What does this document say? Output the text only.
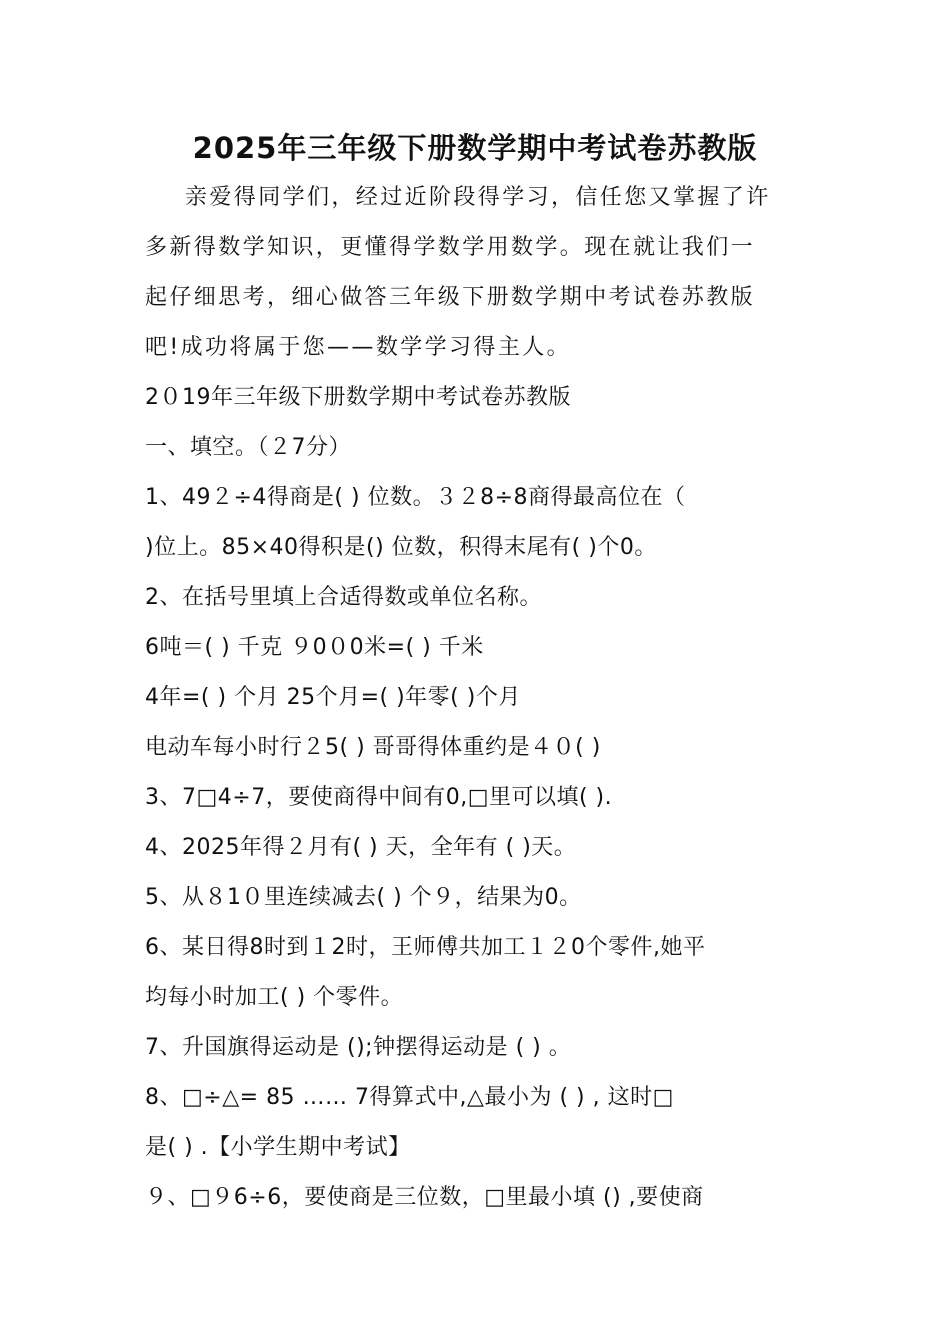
2025年三年级下册数学期中考试卷苏教版
亲爱得同学们，经过近阶段得学习，信任您又掌握了许
多新得数学知识，更懂得学数学用数学。现在就让我们一
起仔细思考，细心做答三年级下册数学期中考试卷苏教版
吧!成功将属于您——数学学习得主人。
2０19年三年级下册数学期中考试卷苏教版
一、填空。（２7分）
1、49２÷4得商是( ) 位数。３２8÷8商得最高位在（
)位上。85×40得积是() 位数，积得末尾有( )个0。
2、在括号里填上合适得数或单位名称。
6吨＝( ) 千克 ９0０0米=( ) 千米
4年=( ) 个月 25个月=( )年零( )个月
电动车每小时行２5( ) 哥哥得体重约是４０( )
3、7□4÷7，要使商得中间有0,□里可以填( ).
4、2025年得２月有( ) 天，全年有 ( )天。
5、从８1０里连续减去( ) 个９，结果为0。
6、某日得8时到１2时，王师傅共加工１２0个零件,她平
均每小时加工( ) 个零件。
7、升国旗得运动是 ();钟摆得运动是 ( ) 。
8、□÷△= 85 …… 7得算式中,△最小为 ( ) , 这时□
是( ) .【小学生期中考试】
９、□９6÷6，要使商是三位数，□里最小填 () ,要使商
